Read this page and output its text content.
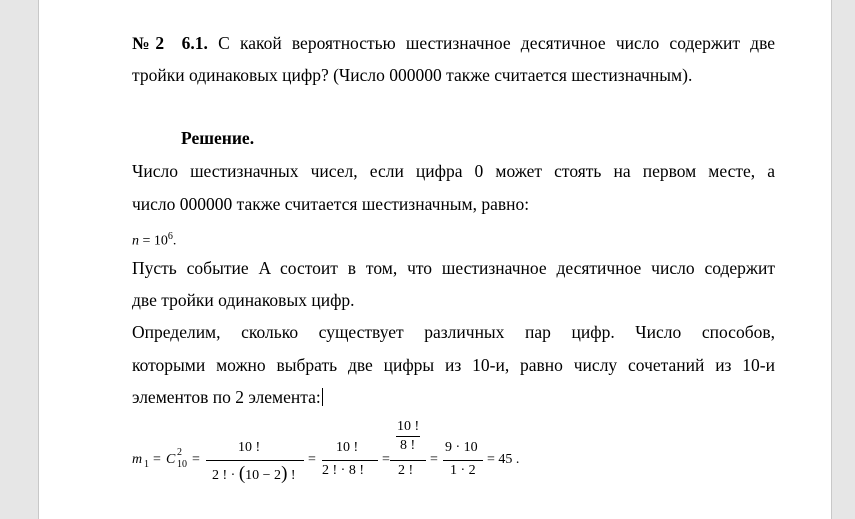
№2   6.1. С какой вероятностью шестизначное десятичное число содержит две
тройки одинаковых цифр? (Число 000000 также считается шестизначным).
Решение.
Число шестизначных чисел, если цифра 0 может стоять на первом месте, а
число 000000 также считается шестизначным, равно:
$n = 10^6$.
Пусть событие A состоит в том, что шестизначное десятичное число содержит
две тройки одинаковых цифр.
Определим, сколько существует различных пар цифр. Число способов,
которыми можно выбрать две цифры из 10-и, равно числу сочетаний из 10-и
элементов по 2 элемента:
m 1 = C 2
10 =
10 !
2 ! · (10 − 2) !
=
10 !
2 ! · 8 !
=
10 !
8 !
2 !
=
9 · 10
1 · 2
= 45 .
